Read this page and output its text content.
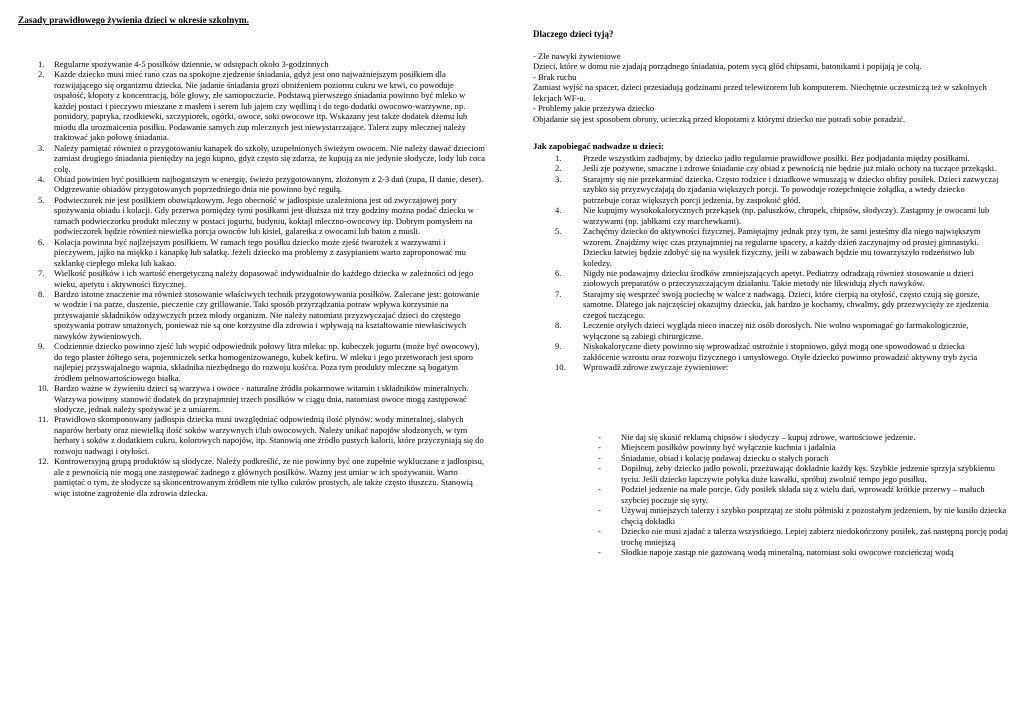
Zasady prawidłowego żywienia dzieci w okresie szkolnym.
1. Regularne spożywanie 4-5 posiłków dziennie, w odstępach około 3-godzinnych
2. Każde dziecko musi mieć rano czas na spokojne zjedzenie śniadania, gdyż jest ono najważniejszym posiłkiem dla rozwijającego się organizmu dziecka. Nie jadanie śniadania grozi obniżeniem poziomu cukru we krwi, co powoduje ospałość, kłopoty z koncentracją, bóle głowy, złe samopoczucie. Podstawą pierwszego śniadania powinno być mleko w każdej postaci i pieczywo mieszane z masłem i serem lub jajem czy wędliną i do tego dodatki owocowo-warzywne, np. pomidory, papryka, rzodkiewki, szczypiorek, ogórki, owoce, soki owocowe itp. Wskazany jest także dodatek dżemu lub miodu dla urozmaicenia posiłku. Podawanie samych zup mlecznych jest niewystarczające. Talerz zupy mlecznej należy traktować jako połowę śniadania.
3. Należy pamiętać również o przygotowaniu kanapek do szkoły, uzupełnionych świeżym owocem. Nie należy dawać dzieciom zamiast drugiego śniadania pieniędzy na jego kupno, gdyż często się zdarza, że kupują za nie jedynie słodycze, lody lub coca colę.
4. Obiad powinien być posiłkiem najbogatszym w energię, świeżo przygotowanym, złożonym z 2-3 dań (zupa, II danie, deser). Odgrzewanie obiadów przygotowanych poprzedniego dnia nie powinno być regułą.
5. Podwieczorek nie jest posiłkiem obowiązkowym. Jego obecność w jadłospisie uzależniona jest od zwyczajowej pory spożywania obiadu i kolacji. Gdy przerwa pomiędzy tymi posiłkami jest dłuższa niż trzy godziny można podać dziecku w ramach podwieczorku produkt mleczny w postaci jogurtu, budyniu, koktajl mleczno-owocowy itp. Dobrym pomysłem na podwieczorek będzie również niewielka porcja owoców lub kisiel, galaretka z owocami lub baton z musli.
6. Kolacja powinna być najlżejszym posiłkiem. W ramach tego posiłku dziecko może zjeść twarożek z warzywami i pieczywem, jajko na miękko i kanapkę lub sałatkę. Jeżeli dziecko ma problemy z zasypianiem warto zaproponować mu szklankę ciepłego mleka lub kakao.
7. Wielkość posiłków i ich wartość energetyczną należy dopasować indywidualnie do każdego dziecka w zależności od jego wieku, apetytu i aktywności fizycznej.
8. Bardzo istotne znaczenie ma również stosowanie właściwych technik przygotowywania posiłków. Zalecane jest: gotowanie w wodzie i na parze, duszenie, pieczenie czy grillowanie. Taki sposób przyrządzania potraw wpływa korzystnie na przyswajanie składników odżywczych przez młody organizm. Nie należy natomiast przyzwyczajać dzieci do częstego spożywania potraw smażonych, ponieważ nie są one korzystne dla zdrowia i wpływają na kształtowanie niewłaściwych nawyków żywieniowych.
9. Codziennie dziecko powinno zjeść lub wypić odpowiednik połowy litra mleka: np. kubeczek jogurtu (może być owocowy), do tego plaster żółtego sera, pojemniczek serka homogenizowanego, kubek kefiru. W mleku i jego przetworach jest sporo najlepiej przyswajalnego wapnia, składnika niezbędnego do rozwoju kośćca. Poza tym produkty mleczne są bogatym źródłem pełnowartościowego białka.
10. Bardzo ważne w żywieniu dzieci są warzywa i owoce - naturalne źródła pokarmowe witamin i składników mineralnych. Warzywa powinny stanowić dodatek do przynajmniej trzech posiłków w ciągu dnia, natomiast owoce mogą zastępować słodycze, jednak należy spożywać je z umiarem.
11. Prawidłowo skomponowany jadłospis dziecka musi uwzględniać odpowiednią ilość płynów: wody mineralnej, słabych naparów herbaty oraz niewielką ilość soków warzywnych i/lub owocowych. Należy unikać napojów słodzonych, w tym herbaty i soków z dodatkiem cukru, kolorowych napojów, itp. Stanowią one źródło pustych kalorii, które przyczyniają się do rozwoju nadwagi i otyłości.
12. Kontrowersyjną grupą produktów są słodycze. Należy podkreślić, że nie powinny być one zupełnie wykluczane z jadłospisu, ale z pewnością nie mogą one zastępować żadnego z głównych posiłków. Ważny jest umiar w ich spożywaniu. Warto pamiętać o tym, że słodycze są skoncentrowanym źródłem nie tylko cukrów prostych, ale także często tłuszczu. Stanowią więc istotne zagrożenie dla zdrowia dziecka.
Dlaczego dzieci tyją?

- Złe nawyki żywieniowe

Dzieci, które w domu nie zjadają porządnego śniadania, potem sycą głód chipsami, batonikami i popijają je colą.

- Brak ruchu

Zamiast wyjść na spacer, dzieci przesiadują godzinami przed telewizorem lub komputerem. Niechętnie uczestniczą też w szkolnych lekcjach WF-u.

- Problemy jakie przeżywa dziecko

Objadanie się jest sposobem obrony, ucieczką przed kłopotami z którymi dziecko nie potrafi sobie poradzić.

Jak zapobiegać nadwadze u dzieci:
1.	Przede wszystkim zadbajmy, by dziecko jadło regularnie prawidłowe posiłki. Bez podjadania między posiłkami.
2.	Jeśli zje pożywne, smaczne i zdrowe śniadanie czy obiad z pewnością nie będzie już miało ochoty na tuczące przekąski.
3.	Starajmy się nie przekarmiać dziecka. Często rodzice i dziadkowe wmuszają w dziecko obfity posiłek. Dzieci zazwyczaj szybko się przyzwyczajają do zjadania większych porcji. To powoduje rozepchnięcie żołądka, a wtedy dziecko potrzebuje coraz większych porcji jedzenia, by zaspokoić głód.
4.	Nie kupujmy wysokokalorycznych przekąsek (np. paluszków, chrupek, chipsów, słodyczy). Zastąpmy je owocami lub warzywami (np. jabłkami czy marchewkami).
5.	Zachęćmy dziecko do aktywności fizycznej. Pamiętajmy jednak przy tym, że sami jesteśmy dla niego największym wzorem. Znajdźmy więc czas przynajmniej na regularne spacery, a każdy dzień zaczynajmy od prostej gimnastyki. Dziecku łatwiej będzie zdobyć się na wysiłek fizyczny, jeśli w zabawach będzie mu towarzyszyło rodzeństwo lub koledzy.
6.	Nigdy nie podawajmy dziecku środków zmniejszających apetyt. Pediatrzy odradzają również stosowanie u dzieci ziołowych preparatów o przeczyszczającym działaniu. Takie metody nie likwidują złych nawyków.
7.	Starajmy się wesprzeć swoją pociechę w walce z nadwagą. Dzieci, które cierpią na otyłość, często czują się gorsze, samotne. Dlatego jak najczęściej okazujmy dziecku, jak bardzo je kochamy, chwalmy, gdy przezwycięży ze zjedzenia czegoś tuczącego.
8.	Leczenie otyłych dzieci wygląda nieco inaczej niż osób dorosłych. Nie wolno wspomagać go farmakologicznie, wyłączone są zabiegi chirurgiczne.
9.	Niskokaloryczne diety powinno się wprowadzać ostrożnie i stopniowo, gdyż mogą one spowodować u dziecka zakłócenie wzrostu oraz rozwoju fizycznego i umysłowego. Otyłe dziecko powinno prowadzić aktywny tryb życia
10. Wprowadź zdrowe zwyczaje żywieniowe:
- Nie daj się skusić reklamą chipsów i słodyczy – kupuj zdrowe, wartościowe jedzenie.
- Miejscem posiłków powinny być wyłącznie kuchnia i jadalnia
- Śniadanie, obiad i kolację podawaj dziecku o stałych porach
- Dopilnuj, żeby dziecko jadło powoli, przeżuwając dokładnie każdy kęs. Szybkie jedzenie sprzyja szybkiemu tyciu. Jeśli dziecko łapczywie połyka duże kawałki, spróbuj zwolnić tempo jego posiłku.
- Podziel jedzenie na małe porcje. Gdy posiłek składa się z wielu dań, wprowadź krótkie przerwy – małuch szybciej poczuje się syty.
- Używaj mniejszych talerzy i szybko posprzątaj ze stołu półmiski z pozostałym jedzeniem, by nie kusiło dziecka chęcią dokładki
- Dziecko nie musi zjadać z talerza wszystkiego. Lepiej zabierz niedokończony posiłek, zaś następną porcję podaj trochę mniejszą
- Słodkie napoje zastąp nie gazowaną wodą mineralną, natomiast soki owocowe rozcieńczaj wodą
